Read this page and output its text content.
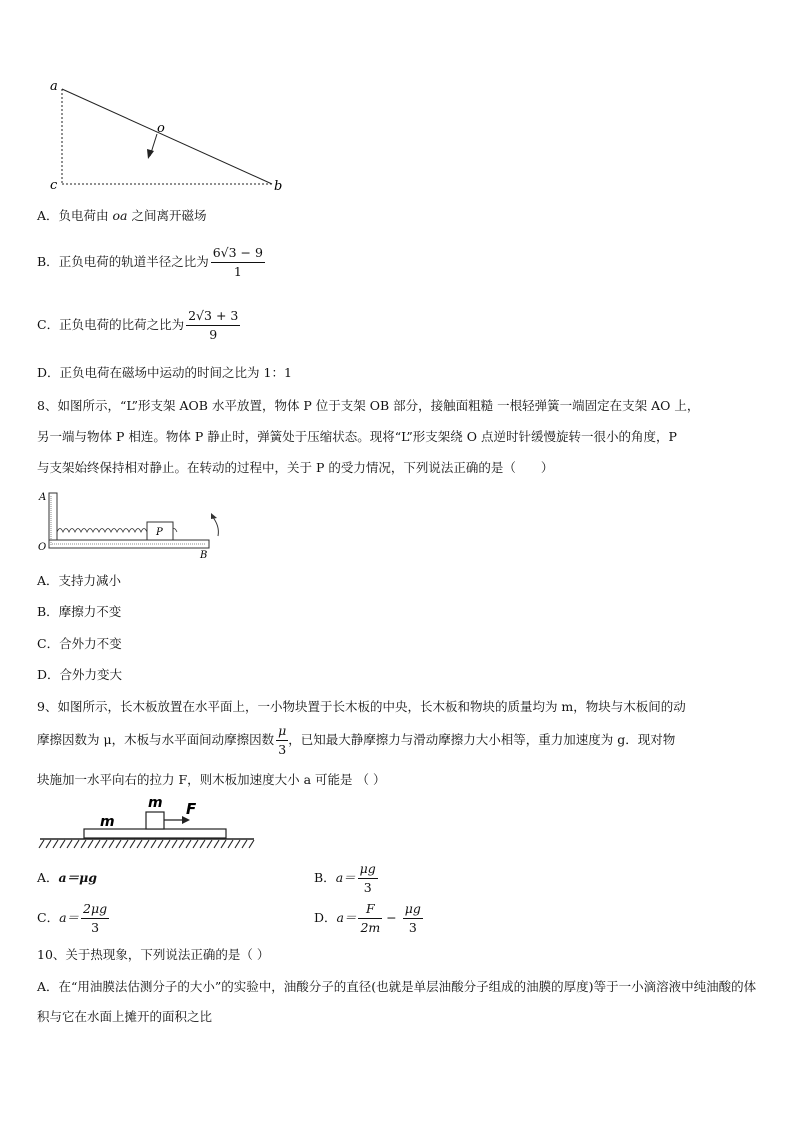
a
o
c	b
A．负电荷由 oa 之间离开磁场
B．正负电荷的轨道半径之比为 $\frac{6√3 - 9}{1}$
C．正负电荷的比荷之比为 $\frac{2√3 + 3}{9}$
D．正负电荷在磁场中运动的时间之比为 1：1
8、如图所示，“L”形支架 AOB 水平放置，物体 P 位于支架 OB 部分，接触面粗糙 一根轻弹簧一端固定在支架 AO 上，
另一端与物体 P 相连。物体 P 静止时，弹簧处于压缩状态。现将“L”形支架绕 O 点逆时针缓慢旋转一很小的角度，P
与支架始终保持相对静止。在转动的过程中，关于 P 的受力情况，下列说法正确的是（　　）
P
A
O
B
A．支持力减小
B．摩擦力不变
C．合外力不变
D．合外力变大
9、如图所示，长木板放置在水平面上，一小物块置于长木板的中央，长木板和物块的质量均为 m，物块与木板间的动
摩擦因数为 μ，木板与水平面间动摩擦因数 $\frac{\mu}{3}$ ，已知最大静摩擦力与滑动摩擦力大小相等，重力加速度为 g．现对物
块施加一水平向右的拉力 F，则木板加速度大小 a 可能是 （ ）
m F
m
A．a＝μg	B．$a= \frac{\mu g}{3}$
C．$a= \frac{2\mu g}{3}$	D．$a= \frac{F}{2m} - \frac{\mu g}{3}$
10、关于热现象，下列说法正确的是（ ）
A．在“用油膜法估测分子的大小”的实验中，油酸分子的直径(也就是单层油酸分子组成的油膜的厚度)等于一小滴溶液中纯油酸的体积与它在水面上摊开的面积之比
